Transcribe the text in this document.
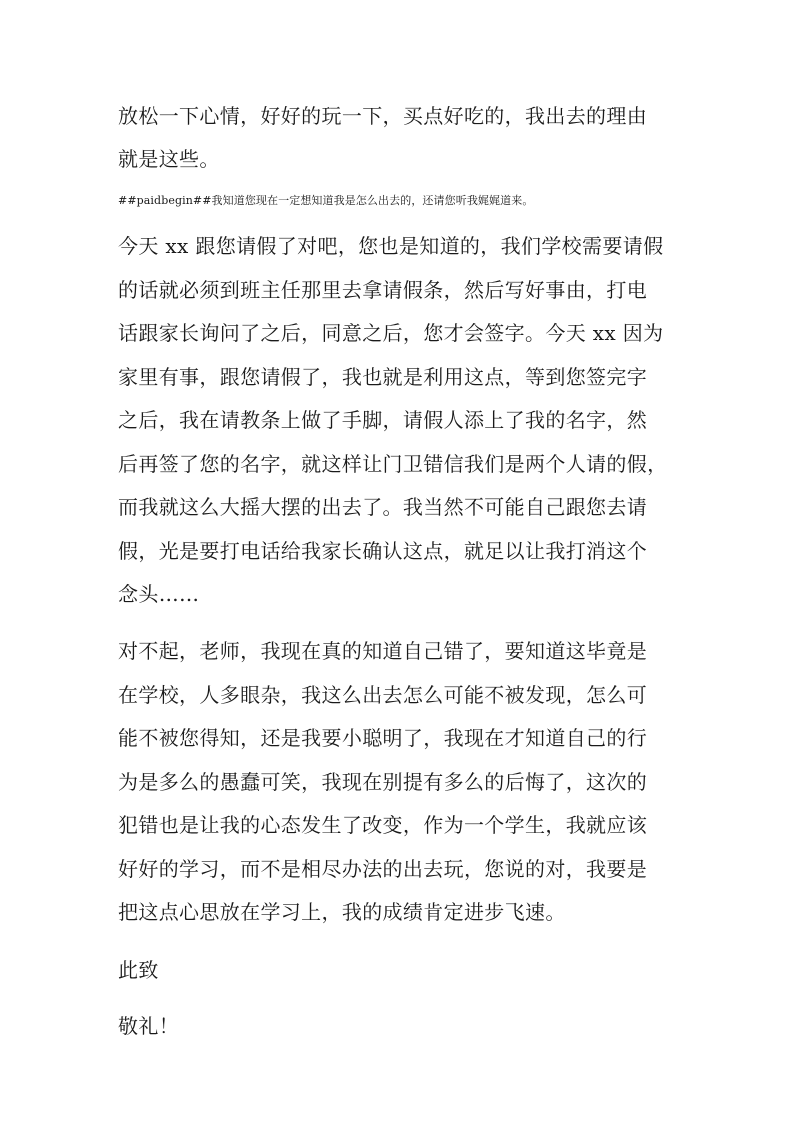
放松一下心情，好好的玩一下，买点好吃的，我出去的理由
就是这些。
##paidbegin##我知道您现在一定想知道我是怎么出去的，还请您听我娓娓道来。
今天 xx 跟您请假了对吧，您也是知道的，我们学校需要请假
的话就必须到班主任那里去拿请假条，然后写好事由，打电
话跟家长询问了之后，同意之后，您才会签字。今天 xx 因为
家里有事，跟您请假了，我也就是利用这点，等到您签完字
之后，我在请教条上做了手脚，请假人添上了我的名字，然
后再签了您的名字，就这样让门卫错信我们是两个人请的假，
而我就这么大摇大摆的出去了。我当然不可能自己跟您去请
假，光是要打电话给我家长确认这点，就足以让我打消这个
念头……
对不起，老师，我现在真的知道自己错了，要知道这毕竟是
在学校，人多眼杂，我这么出去怎么可能不被发现，怎么可
能不被您得知，还是我要小聪明了，我现在才知道自己的行
为是多么的愚蠢可笑，我现在别提有多么的后悔了，这次的
犯错也是让我的心态发生了改变，作为一个学生，我就应该
好好的学习，而不是相尽办法的出去玩，您说的对，我要是
把这点心思放在学习上，我的成绩肯定进步飞速。
此致
敬礼！
